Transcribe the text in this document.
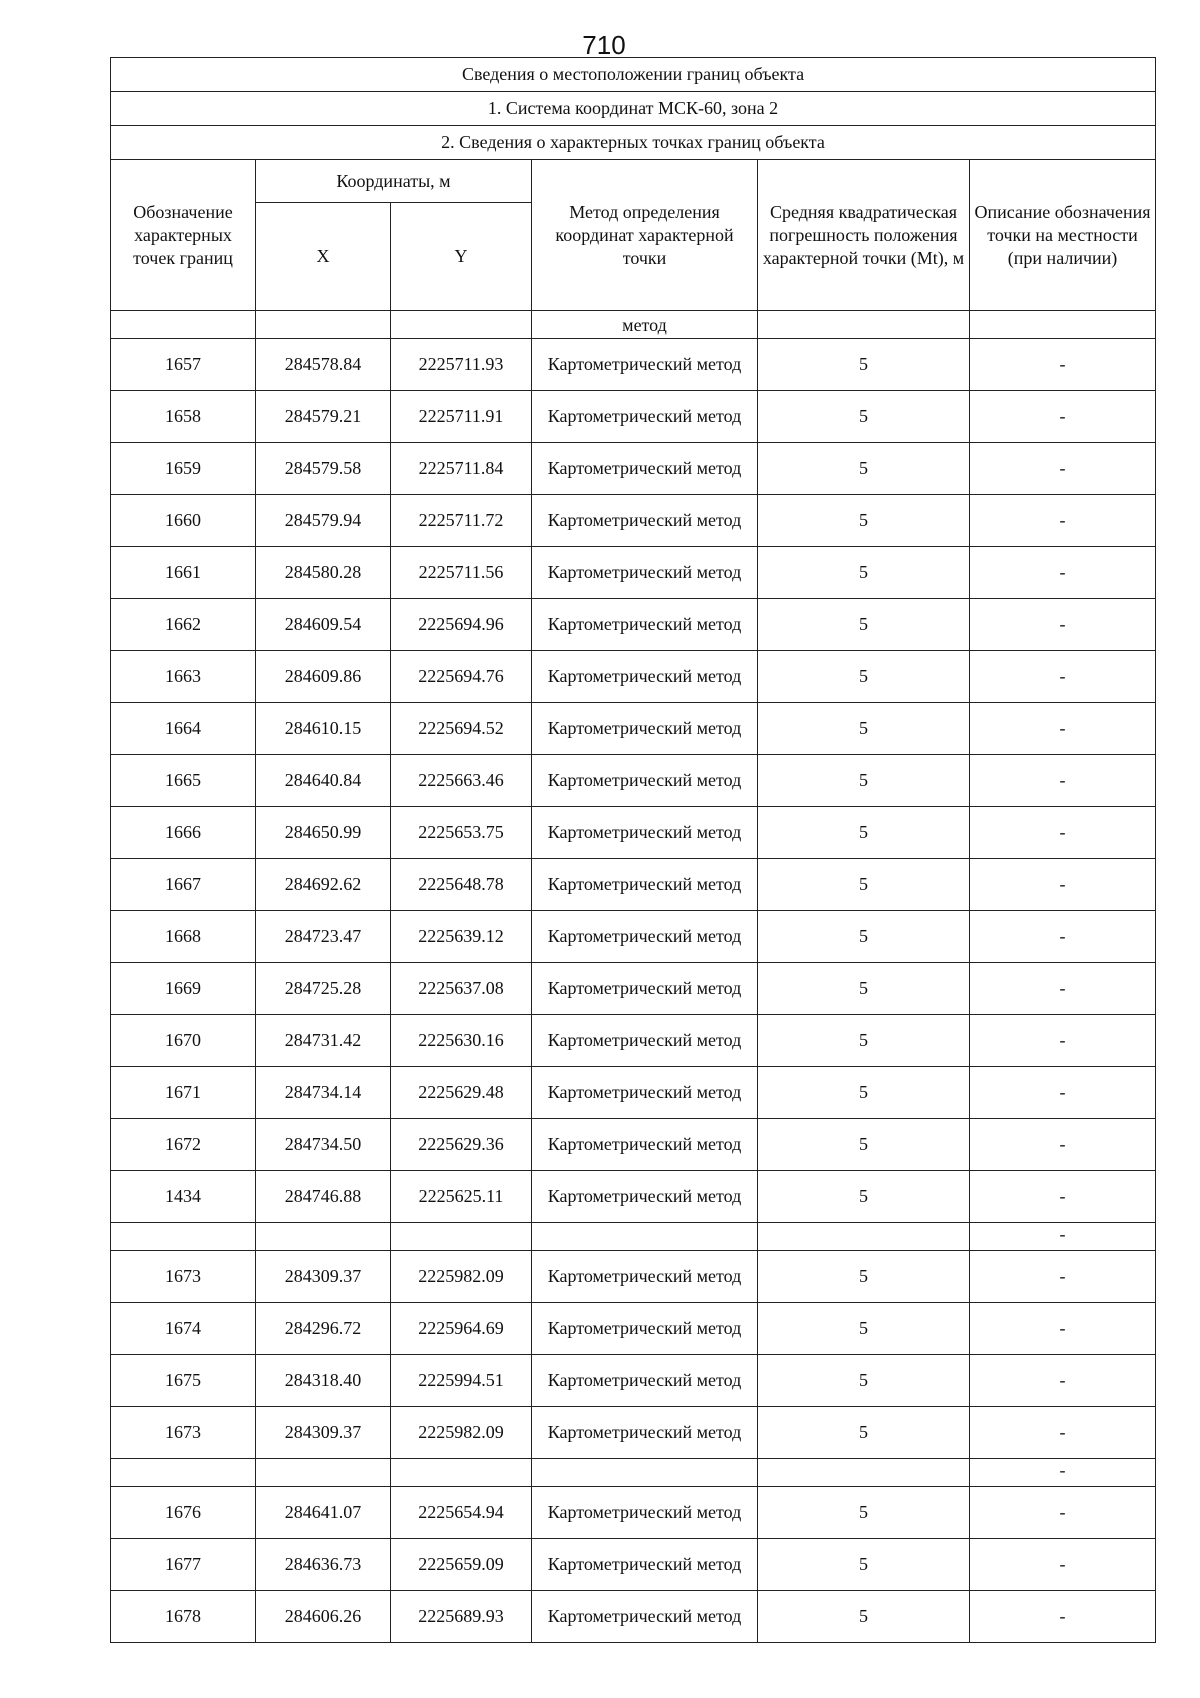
710
Сведения о местоположении границ объекта					
1. Система координат МСК-60, зона 2					
2. Сведения о характерных точках границ объекта					
Обозначение характерных точек границ	Координаты, м		Метод определения координат характерной точки	Средняя квадратическая погрешность положения характерной точки (Mt), м	Описание обозначения точки на местности (при наличии)
	X	Y			
			метод		
1657	284578.84	2225711.93	Картометрический метод	5	-
1658	284579.21	2225711.91	Картометрический метод	5	-
1659	284579.58	2225711.84	Картометрический метод	5	-
1660	284579.94	2225711.72	Картометрический метод	5	-
1661	284580.28	2225711.56	Картометрический метод	5	-
1662	284609.54	2225694.96	Картометрический метод	5	-
1663	284609.86	2225694.76	Картометрический метод	5	-
1664	284610.15	2225694.52	Картометрический метод	5	-
1665	284640.84	2225663.46	Картометрический метод	5	-
1666	284650.99	2225653.75	Картометрический метод	5	-
1667	284692.62	2225648.78	Картометрический метод	5	-
1668	284723.47	2225639.12	Картометрический метод	5	-
1669	284725.28	2225637.08	Картометрический метод	5	-
1670	284731.42	2225630.16	Картометрический метод	5	-
1671	284734.14	2225629.48	Картометрический метод	5	-
1672	284734.50	2225629.36	Картометрический метод	5	-
1434	284746.88	2225625.11	Картометрический метод	5	-
					-
1673	284309.37	2225982.09	Картометрический метод	5	-
1674	284296.72	2225964.69	Картометрический метод	5	-
1675	284318.40	2225994.51	Картометрический метод	5	-
1673	284309.37	2225982.09	Картометрический метод	5	-
					-
1676	284641.07	2225654.94	Картометрический метод	5	-
1677	284636.73	2225659.09	Картометрический метод	5	-
1678	284606.26	2225689.93	Картометрический метод	5	-
